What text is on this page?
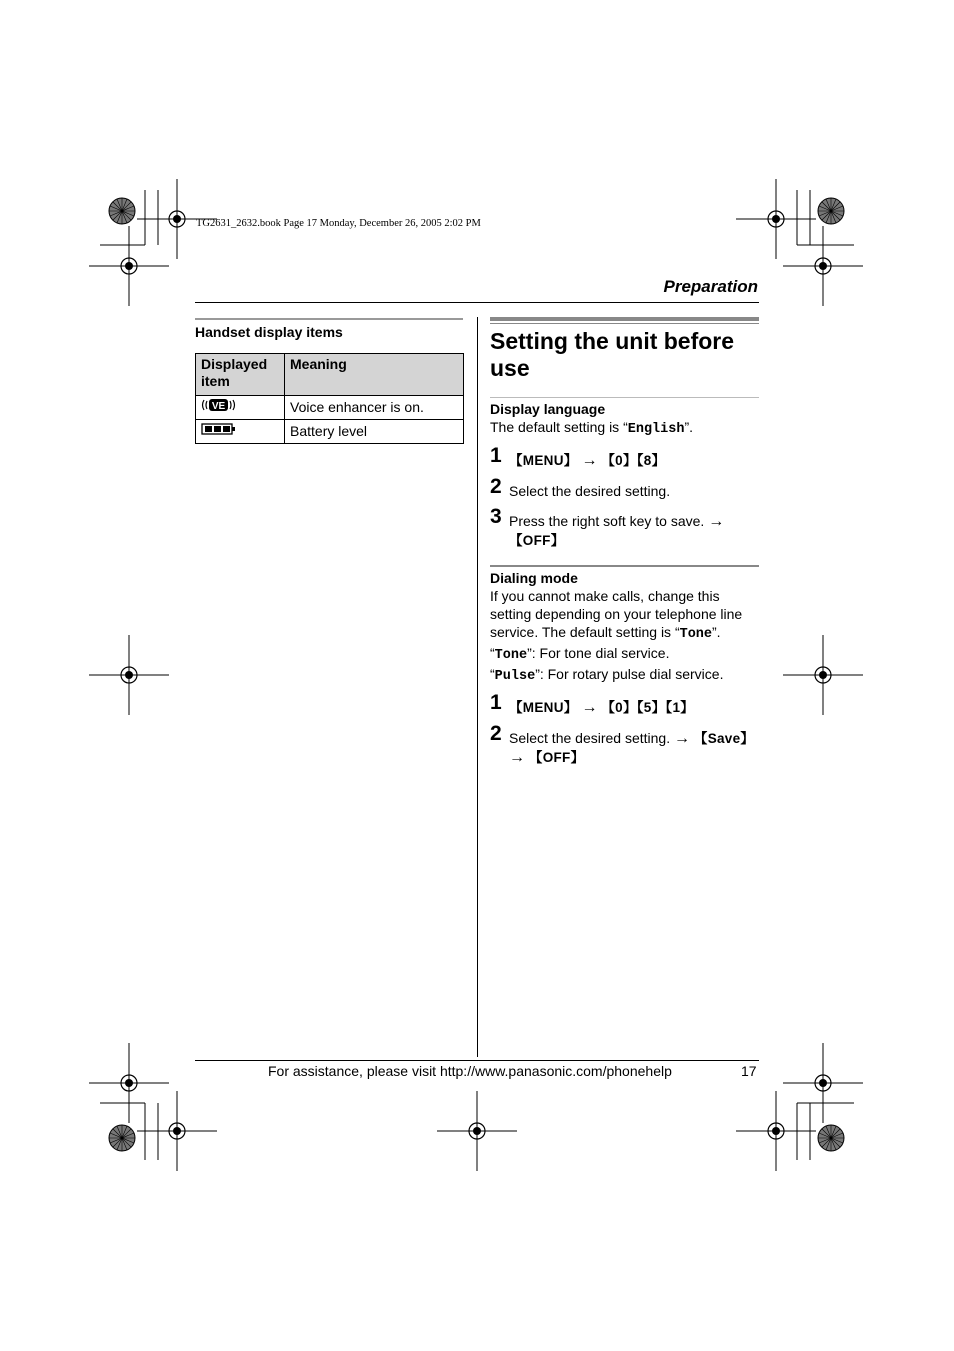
TG2631_2632.book Page 17 Monday, December 26, 2005 2:02 PM
Preparation

Handset display items

Displayed item	Meaning

VE	Voice enhancer is on.
	Battery level
Setting the unit before use

Display language

The default setting is “English”.

1 【MENU】 → 【0】【8】
2 Select the desired setting.
3 Press the right soft key to save. →
【OFF】

Dialing mode

If you cannot make calls, change this setting depending on your telephone line service. The default setting is “Tone”.

“Tone”: For tone dial service.

“Pulse”: For rotary pulse dial service.

1 【MENU】 → 【0】【5】【1】
2 Select the desired setting. → 【Save】
→ 【OFF】
For assistance, please visit http://www.panasonic.com/phonehelp	17
